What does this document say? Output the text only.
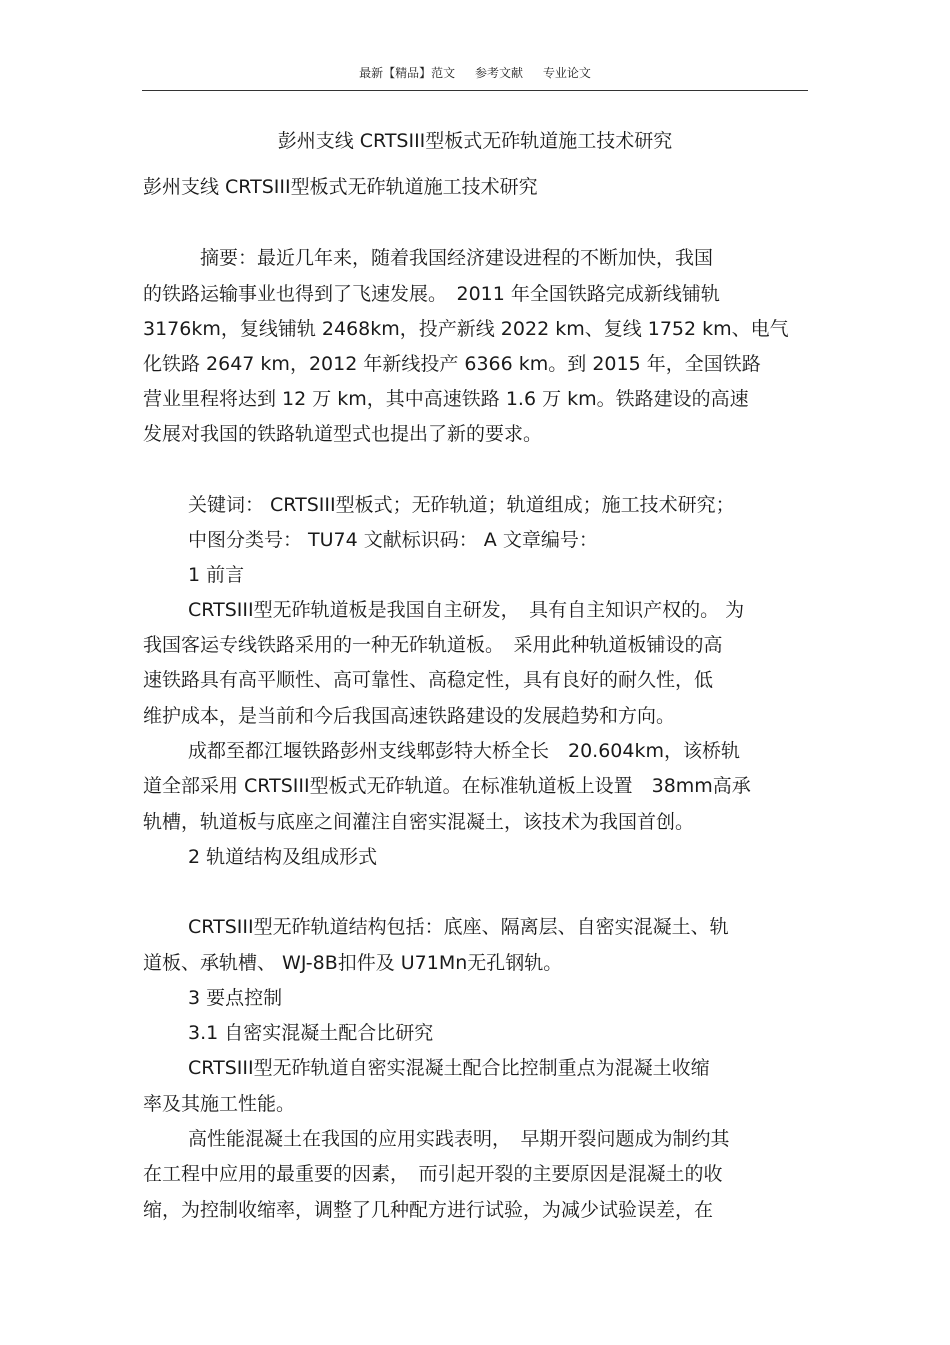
最新【精品】范文 参考文献 专业论文
彭州支线 CRTSIII型板式无砟轨道施工技术研究
彭州支线 CRTSIII型板式无砟轨道施工技术研究
摘要：最近几年来，随着我国经济建设进程的不断加快，我国
的铁路运输事业也得到了飞速发展。　2011 年全国铁路完成新线铺轨
3176km，复线铺轨 2468km，投产新线 2022 km、复线 1752 km、电气
化铁路 2647 km，2012 年新线投产 6366 km。到 2015 年，全国铁路
营业里程将达到 12 万 km，其中高速铁路 1.6 万 km。铁路建设的高速
发展对我国的铁路轨道型式也提出了新的要求。
关键词： CRTSIII型板式；无砟轨道；轨道组成；施工技术研究；
中图分类号： TU74 文献标识码： A 文章编号：
1 前言
CRTSIII型无砟轨道板是我国自主研发，　具有自主知识产权的。 为
我国客运专线铁路采用的一种无砟轨道板。　采用此种轨道板铺设的高
速铁路具有高平顺性、高可靠性、高稳定性，具有良好的耐久性，低
维护成本，是当前和今后我国高速铁路建设的发展趋势和方向。
成都至都江堰铁路彭州支线郫彭特大桥全长　20.604km，该桥轨
道全部采用 CRTSIII型板式无砟轨道。在标准轨道板上设置　38mm高承
轨槽，轨道板与底座之间灌注自密实混凝土，该技术为我国首创。
2 轨道结构及组成形式
CRTSIII型无砟轨道结构包括：底座、隔离层、自密实混凝土、轨
道板、承轨槽、 WJ-8B扣件及 U71Mn无孔钢轨。
3 要点控制
3.1 自密实混凝土配合比研究
CRTSIII型无砟轨道自密实混凝土配合比控制重点为混凝土收缩
率及其施工性能。
高性能混凝土在我国的应用实践表明，　早期开裂问题成为制约其
在工程中应用的最重要的因素，　而引起开裂的主要原因是混凝土的收
缩，为控制收缩率，调整了几种配方进行试验，为减少试验误差，在
